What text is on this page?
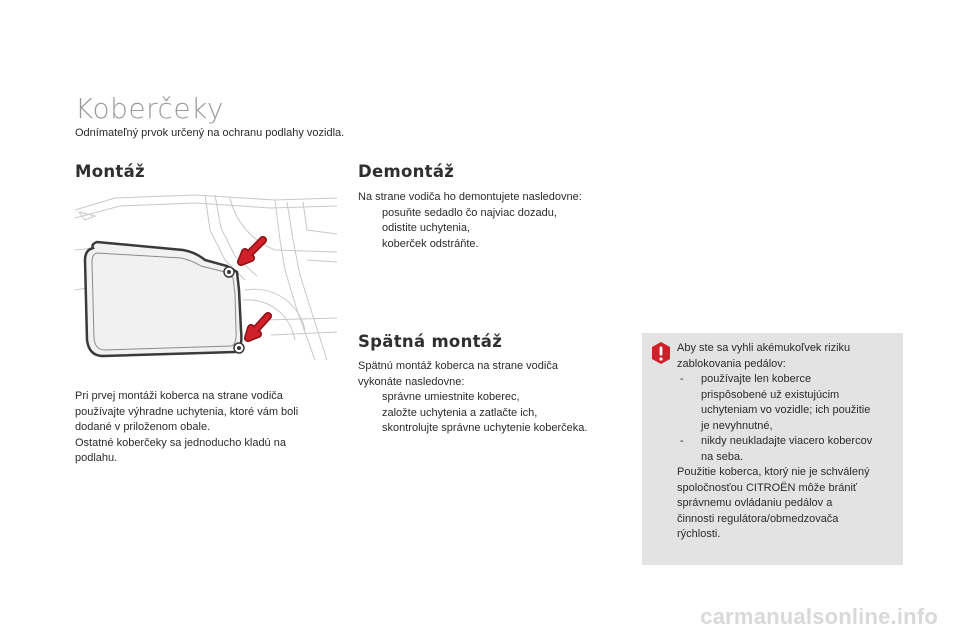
Koberčeky
Odnímateľný prvok určený na ochranu podlahy vozidla.
Montáž	Demontáž
Spätná montáž

Pri prvej montáži koberca na strane vodiča

používajte výhradne uchytenia, ktoré vám boli

dodané v priloženom obale.

Ostatné koberčeky sa jednoducho kladú na

podlahu.

Na strane vodiča ho demontujete nasledovne:

posuňte sedadlo čo najviac dozadu,
odistite uchytenia,
koberček odstráňte.

Spätnú montáž koberca na strane vodiča

vykonáte nasledovne:

správne umiestnite koberec,
založte uchytenia a zatlačte ich,
skontrolujte správne uchytenie koberčeka.
Aby ste sa vyhli akémukoľvek riziku
zablokovania pedálov:
- používajte len koberce
prispôsobené už existujúcim
uchyteniam vo vozidle; ich použitie
je nevyhnutné,
- nikdy neukladajte viacero kobercov
na seba.
Použitie koberca, ktorý nie je schválený
spoločnosťou CITROËN môže brániť
správnemu ovládaniu pedálov a
činnosti regulátora/obmedzovača
rýchlosti.
carmanualsonline.info
